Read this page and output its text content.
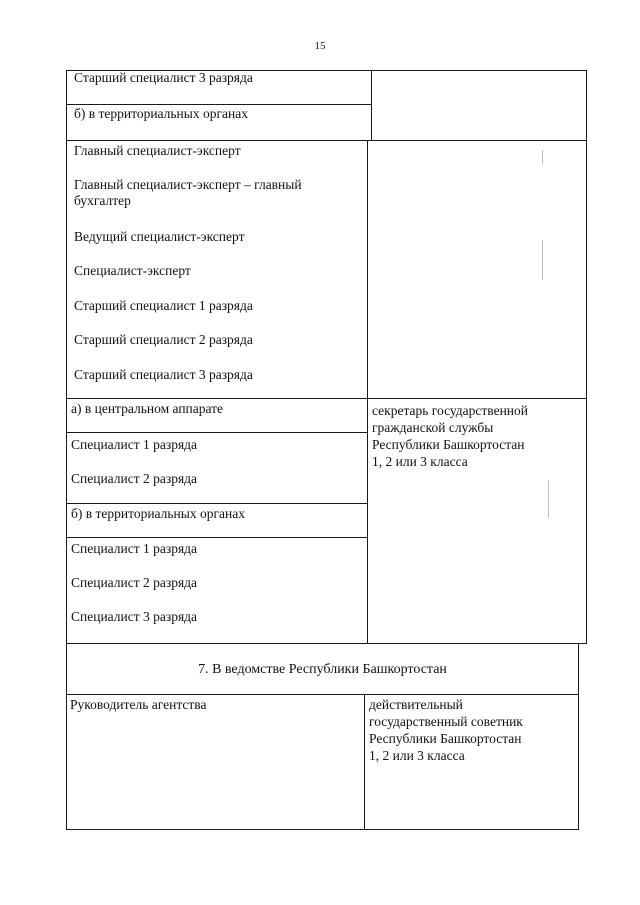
15
Старший специалист 3 разряда
б) в территориальных органах
Главный специалист-эксперт
Главный специалист-эксперт – главный
бухгалтер
Ведущий специалист-эксперт
Специалист-эксперт
Старший специалист 1 разряда
Старший специалист 2 разряда
Старший специалист 3 разряда
а) в центральном аппарате	секретарь государственной
гражданской службы
Республики Башкортостан
1, 2 или 3 класса
Специалист 1 разряда
Специалист 2 разряда
б) в территориальных органах
Специалист 1 разряда
Специалист 2 разряда
Специалист 3 разряда
7. В ведомстве Республики Башкортостан
Руководитель агентства	действительный
государственный советник
Республики Башкортостан
1, 2 или 3 класса
